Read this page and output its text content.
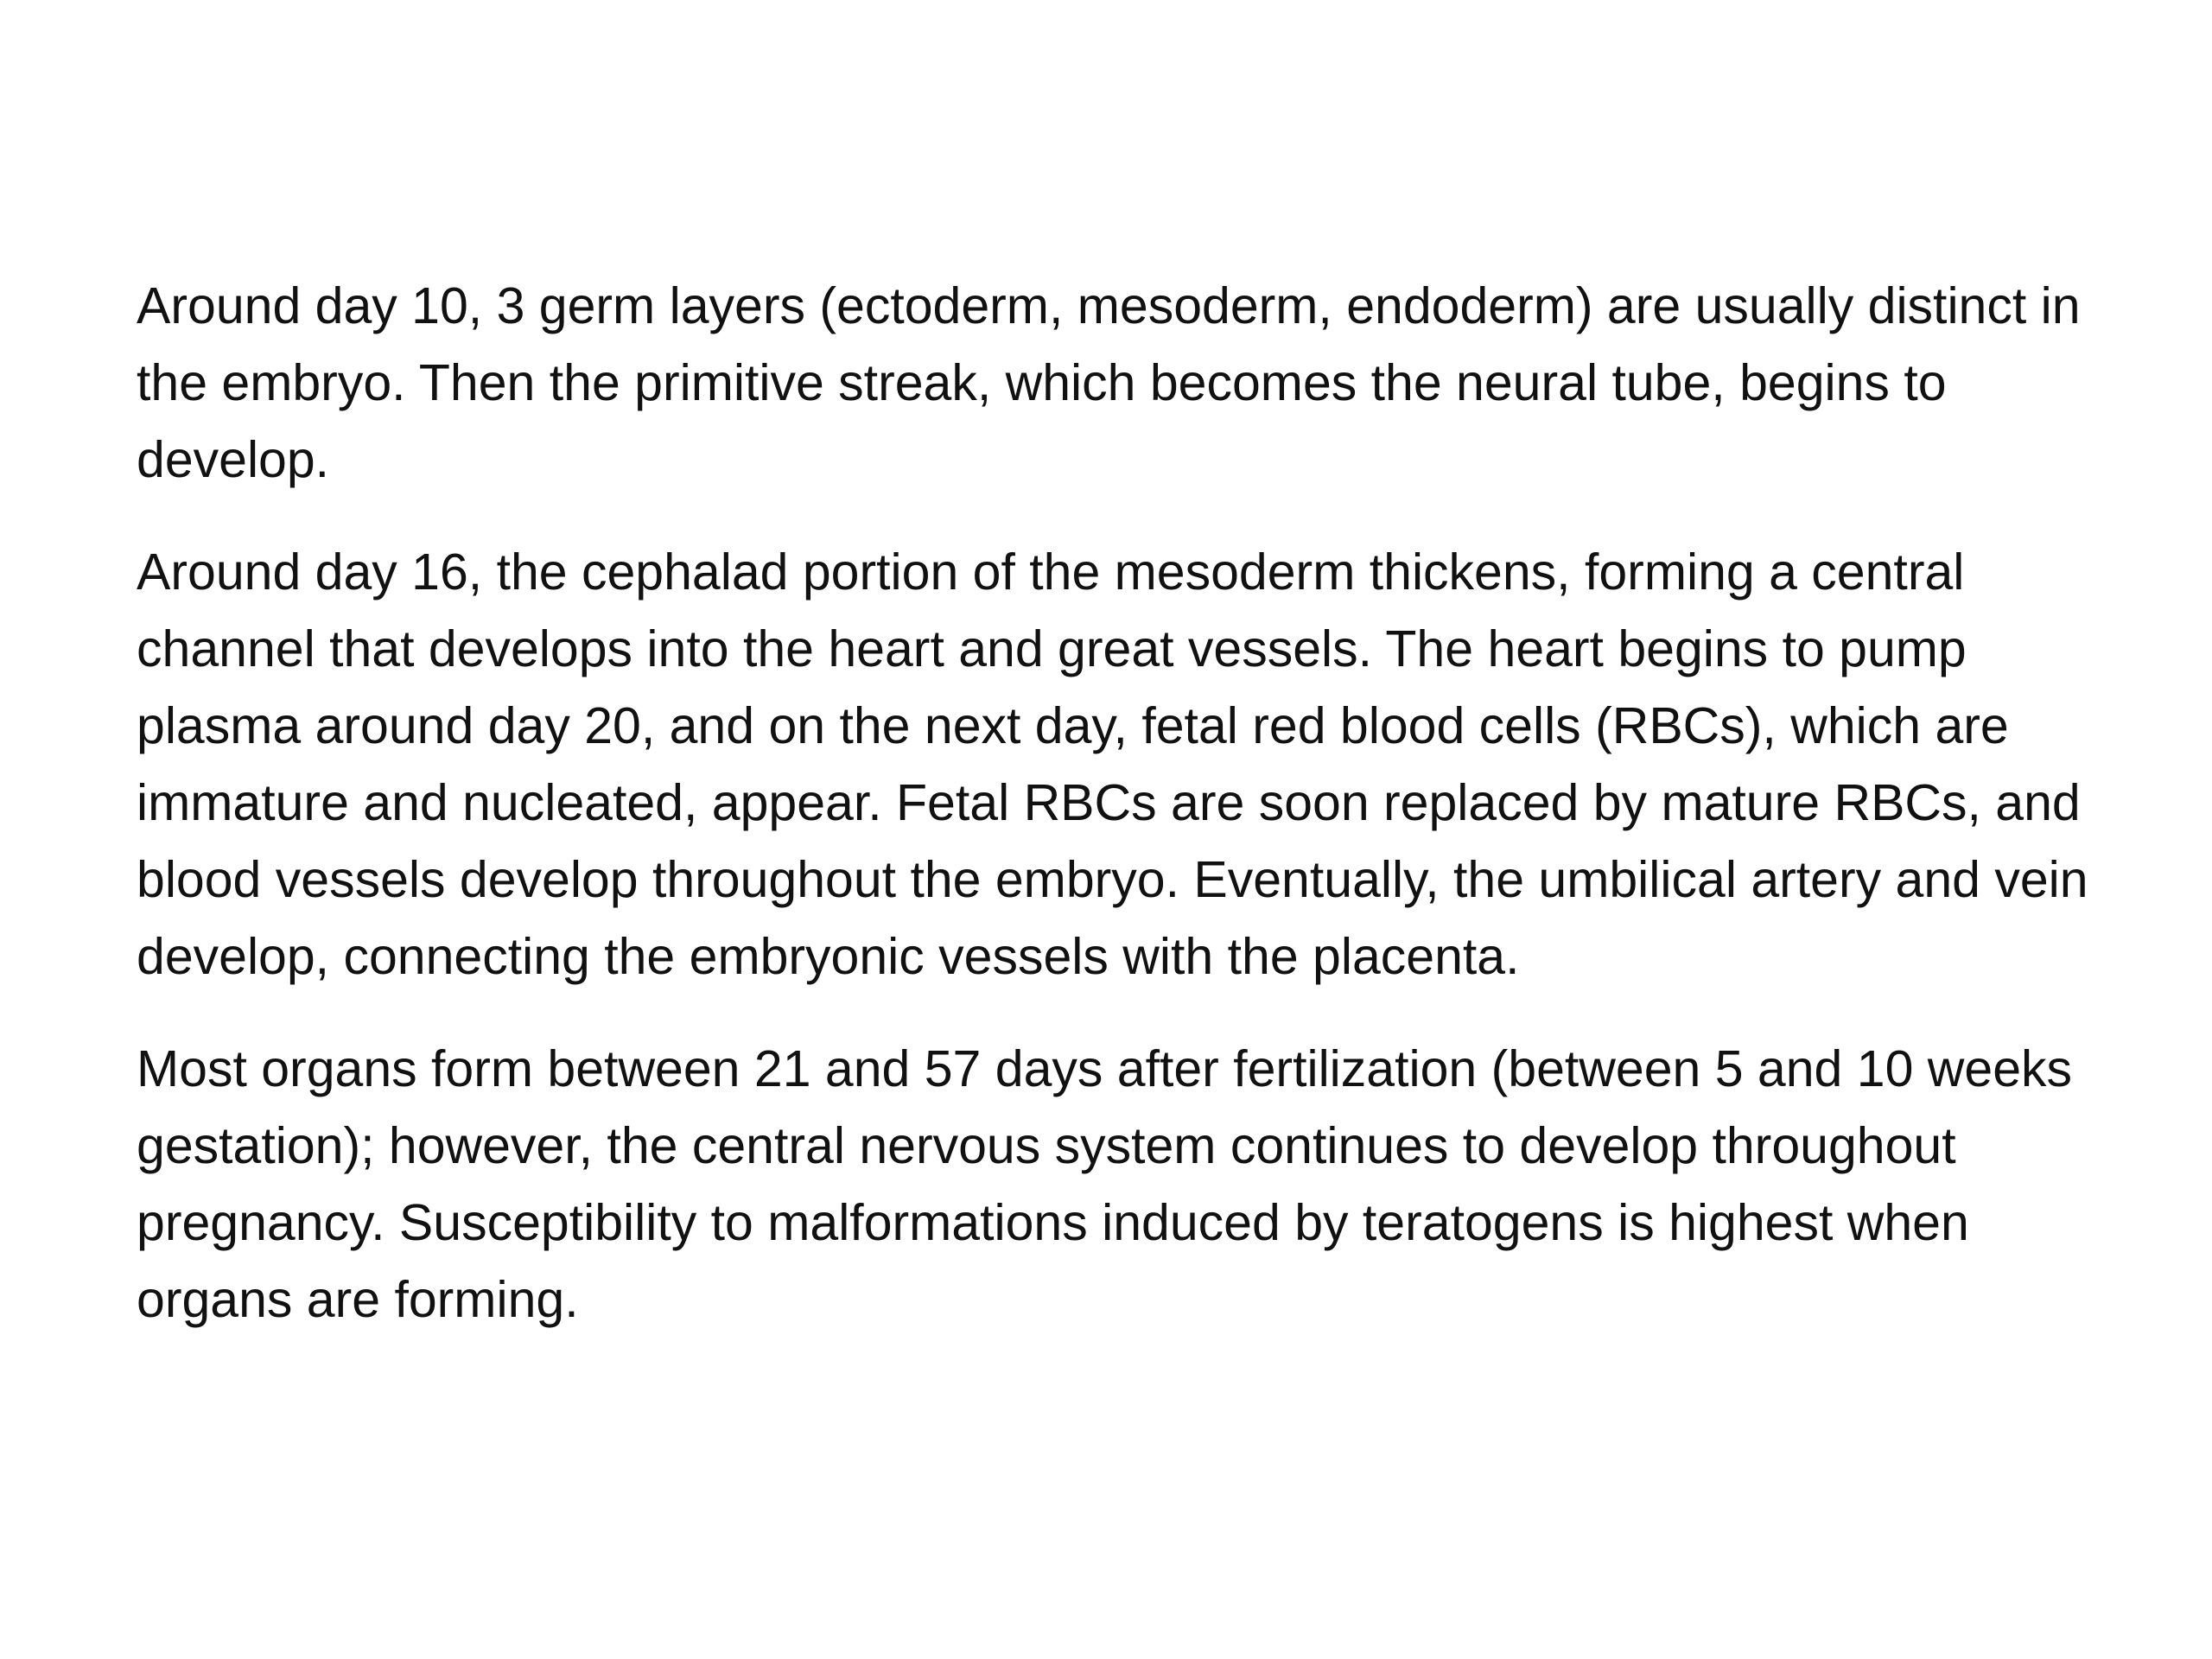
Around day 10, 3 germ layers (ectoderm, mesoderm, endoderm) are usually distinct in the embryo. Then the primitive streak, which becomes the neural tube, begins to develop.

Around day 16, the cephalad portion of the mesoderm thickens, forming a central channel that develops into the heart and great vessels. The heart begins to pump plasma around day 20, and on the next day, fetal red blood cells (RBCs), which are immature and nucleated, appear. Fetal RBCs are soon replaced by mature RBCs, and blood vessels develop throughout the embryo. Eventually, the umbilical artery and vein develop, connecting the embryonic vessels with the placenta.

Most organs form between 21 and 57 days after fertilization (between 5 and 10 weeks gestation); however, the central nervous system continues to develop throughout pregnancy. Susceptibility to malformations induced by teratogens is highest when organs are forming.
